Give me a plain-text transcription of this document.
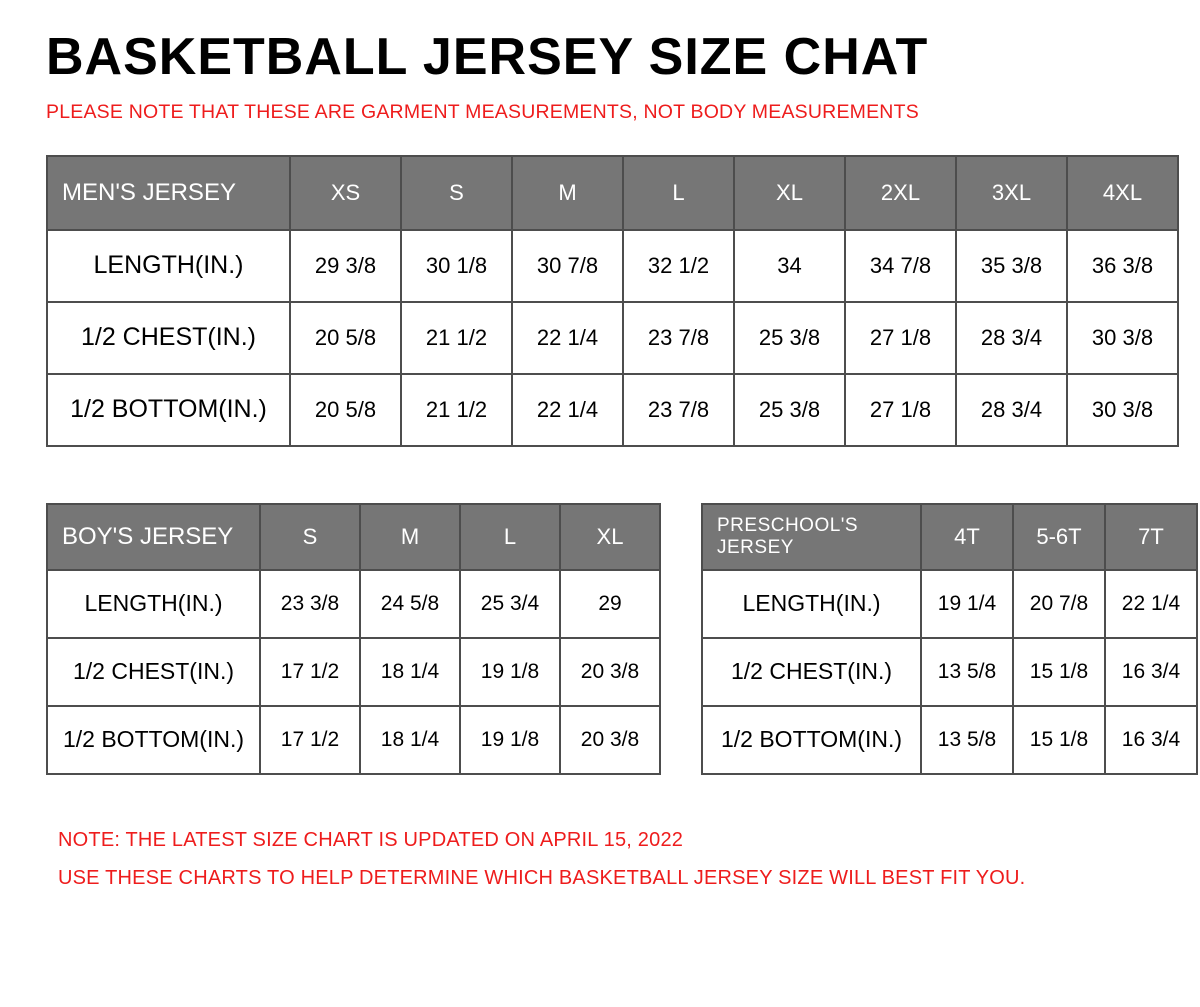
BASKETBALL JERSEY SIZE CHAT
PLEASE NOTE THAT THESE ARE GARMENT MEASUREMENTS, NOT BODY MEASUREMENTS
MEN'S JERSEY	XS	S	M	L	XL	2XL	3XL	4XL
LENGTH(IN.)	29 3/8	30 1/8	30 7/8	32 1/2	34	34 7/8	35 3/8	36 3/8
1/2 CHEST(IN.)	20 5/8	21 1/2	22 1/4	23 7/8	25 3/8	27 1/8	28 3/4	30 3/8
1/2 BOTTOM(IN.)	20 5/8	21 1/2	22 1/4	23 7/8	25 3/8	27 1/8	28 3/4	30 3/8
BOY'S JERSEY	S	M	L	XL
LENGTH(IN.)	23 3/8	24 5/8	25 3/4	29
1/2 CHEST(IN.)	17 1/2	18 1/4	19 1/8	20 3/8
1/2 BOTTOM(IN.)	17 1/2	18 1/4	19 1/8	20 3/8
PRESCHOOL'S JERSEY	4T	5-6T	7T
LENGTH(IN.)	19 1/4	20 7/8	22 1/4
1/2 CHEST(IN.)	13 5/8	15 1/8	16 3/4
1/2 BOTTOM(IN.)	13 5/8	15 1/8	16 3/4
NOTE: THE LATEST SIZE CHART IS UPDATED ON APRIL 15, 2022
USE THESE CHARTS TO HELP DETERMINE WHICH BASKETBALL JERSEY SIZE WILL BEST FIT YOU.
